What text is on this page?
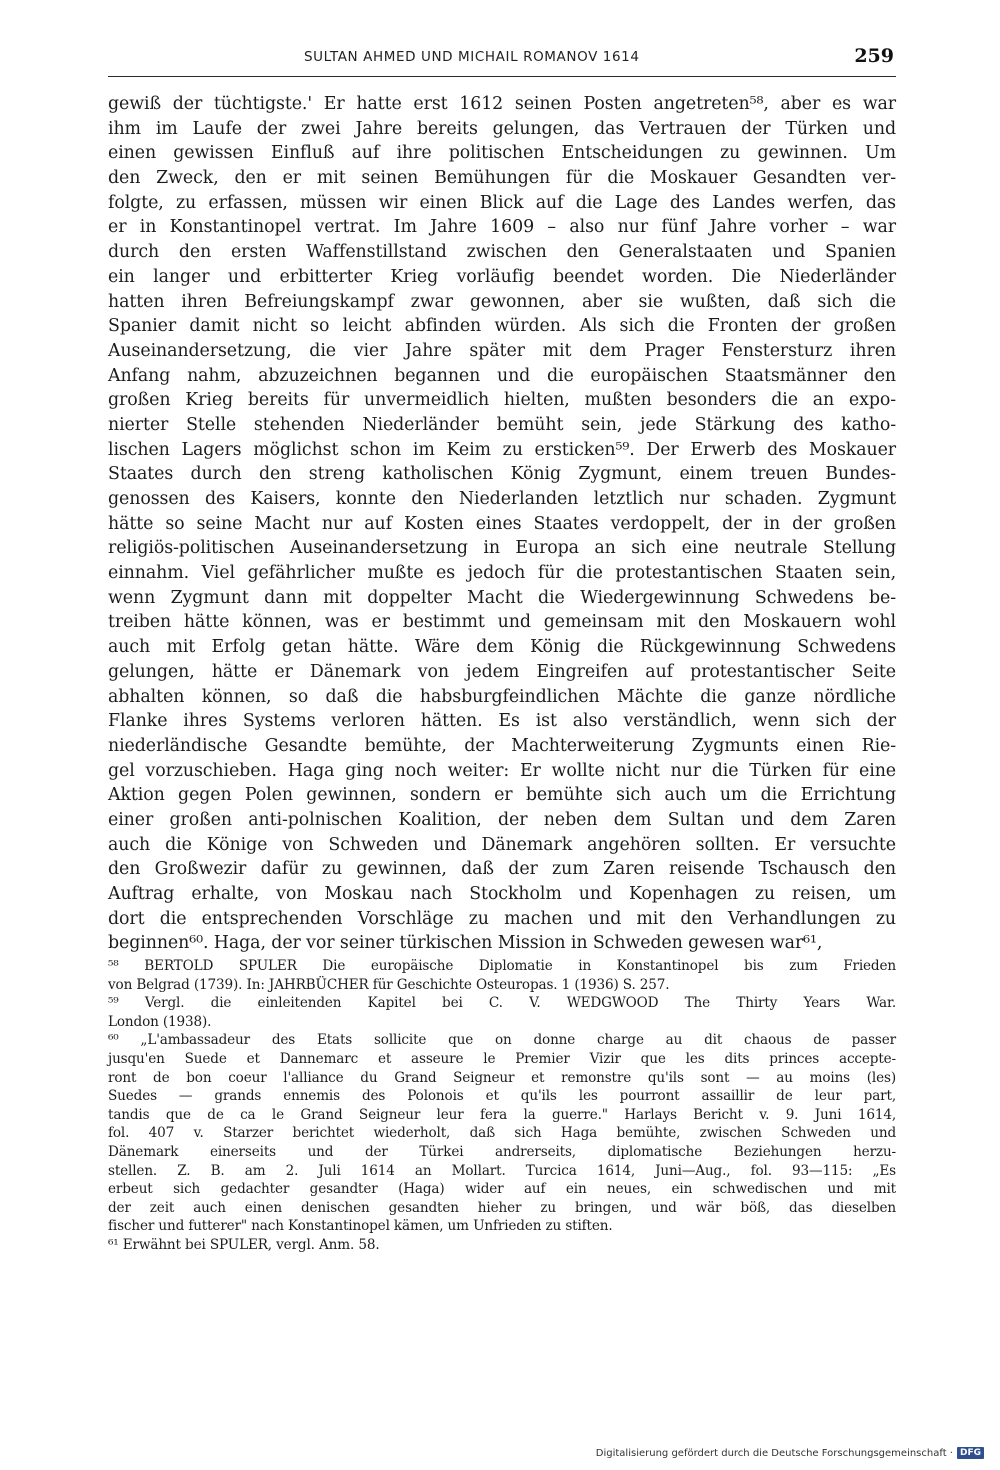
SULTAN AHMED UND MICHAIL ROMANOV 1614	259
gewiß der tüchtigste.' Er hatte erst 1612 seinen Posten angetreten⁵⁸, aber es war
ihm im Laufe der zwei Jahre bereits gelungen, das Vertrauen der Türken und
einen gewissen Einfluß auf ihre politischen Entscheidungen zu gewinnen. Um
den Zweck, den er mit seinen Bemühungen für die Moskauer Gesandten ver-
folgte, zu erfassen, müssen wir einen Blick auf die Lage des Landes werfen, das
er in Konstantinopel vertrat. Im Jahre 1609 – also nur fünf Jahre vorher – war
durch den ersten Waffenstillstand zwischen den Generalstaaten und Spanien
ein langer und erbitterter Krieg vorläufig beendet worden. Die Niederländer
hatten ihren Befreiungskampf zwar gewonnen, aber sie wußten, daß sich die
Spanier damit nicht so leicht abfinden würden. Als sich die Fronten der großen
Auseinandersetzung, die vier Jahre später mit dem Prager Fenstersturz ihren
Anfang nahm, abzuzeichnen begannen und die europäischen Staatsmänner den
großen Krieg bereits für unvermeidlich hielten, mußten besonders die an expo-
nierter Stelle stehenden Niederländer bemüht sein, jede Stärkung des katho-
lischen Lagers möglichst schon im Keim zu ersticken⁵⁹. Der Erwerb des Moskauer
Staates durch den streng katholischen König Zygmunt, einem treuen Bundes-
genossen des Kaisers, konnte den Niederlanden letztlich nur schaden. Zygmunt
hätte so seine Macht nur auf Kosten eines Staates verdoppelt, der in der großen
religiös-politischen Auseinandersetzung in Europa an sich eine neutrale Stellung
einnahm. Viel gefährlicher mußte es jedoch für die protestantischen Staaten sein,
wenn Zygmunt dann mit doppelter Macht die Wiedergewinnung Schwedens be-
treiben hätte können, was er bestimmt und gemeinsam mit den Moskauern wohl
auch mit Erfolg getan hätte. Wäre dem König die Rückgewinnung Schwedens
gelungen, hätte er Dänemark von jedem Eingreifen auf protestantischer Seite
abhalten können, so daß die habsburgfeindlichen Mächte die ganze nördliche
Flanke ihres Systems verloren hätten. Es ist also verständlich, wenn sich der
niederländische Gesandte bemühte, der Machterweiterung Zygmunts einen Rie-
gel vorzuschieben. Haga ging noch weiter: Er wollte nicht nur die Türken für eine
Aktion gegen Polen gewinnen, sondern er bemühte sich auch um die Errichtung
einer großen anti-polnischen Koalition, der neben dem Sultan und dem Zaren
auch die Könige von Schweden und Dänemark angehören sollten. Er versuchte
den Großwezir dafür zu gewinnen, daß der zum Zaren reisende Tschausch den
Auftrag erhalte, von Moskau nach Stockholm und Kopenhagen zu reisen, um
dort die entsprechenden Vorschläge zu machen und mit den Verhandlungen zu
beginnen⁶⁰. Haga, der vor seiner türkischen Mission in Schweden gewesen war⁶¹,
⁵⁸ BERTOLD SPULER Die europäische Diplomatie in Konstantinopel bis zum Frieden
von Belgrad (1739). In: JAHRBÜCHER für Geschichte Osteuropas. 1 (1936) S. 257.
⁵⁹ Vergl. die einleitenden Kapitel bei C. V. WEDGWOOD The Thirty Years War.
London (1938).
⁶⁰ „L'ambassadeur des Etats sollicite que on donne charge au dit chaous de passer
jusqu'en Suede et Dannemarc et asseure le Premier Vizir que les dits princes accepte-
ront de bon coeur l'alliance du Grand Seigneur et remonstre qu'ils sont — au moins (les)
Suedes — grands ennemis des Polonois et qu'ils les pourront assaillir de leur part,
tandis que de ca le Grand Seigneur leur fera la guerre." Harlays Bericht v. 9. Juni 1614,
fol. 407 v. Starzer berichtet wiederholt, daß sich Haga bemühte, zwischen Schweden und
Dänemark einerseits und der Türkei andrerseits, diplomatische Beziehungen herzu-
stellen. Z. B. am 2. Juli 1614 an Mollart. Turcica 1614, Juni—Aug., fol. 93—115: „Es
erbeut sich gedachter gesandter (Haga) wider auf ein neues, ein schwedischen und mit
der zeit auch einen denischen gesandten hieher zu bringen, und wär böß, das dieselben
fischer und futterer" nach Konstantinopel kämen, um Unfrieden zu stiften.
⁶¹ Erwähnt bei SPULER, vergl. Anm. 58.
Digitalisierung gefördert durch die Deutsche Forschungsgemeinschaft · DFG
